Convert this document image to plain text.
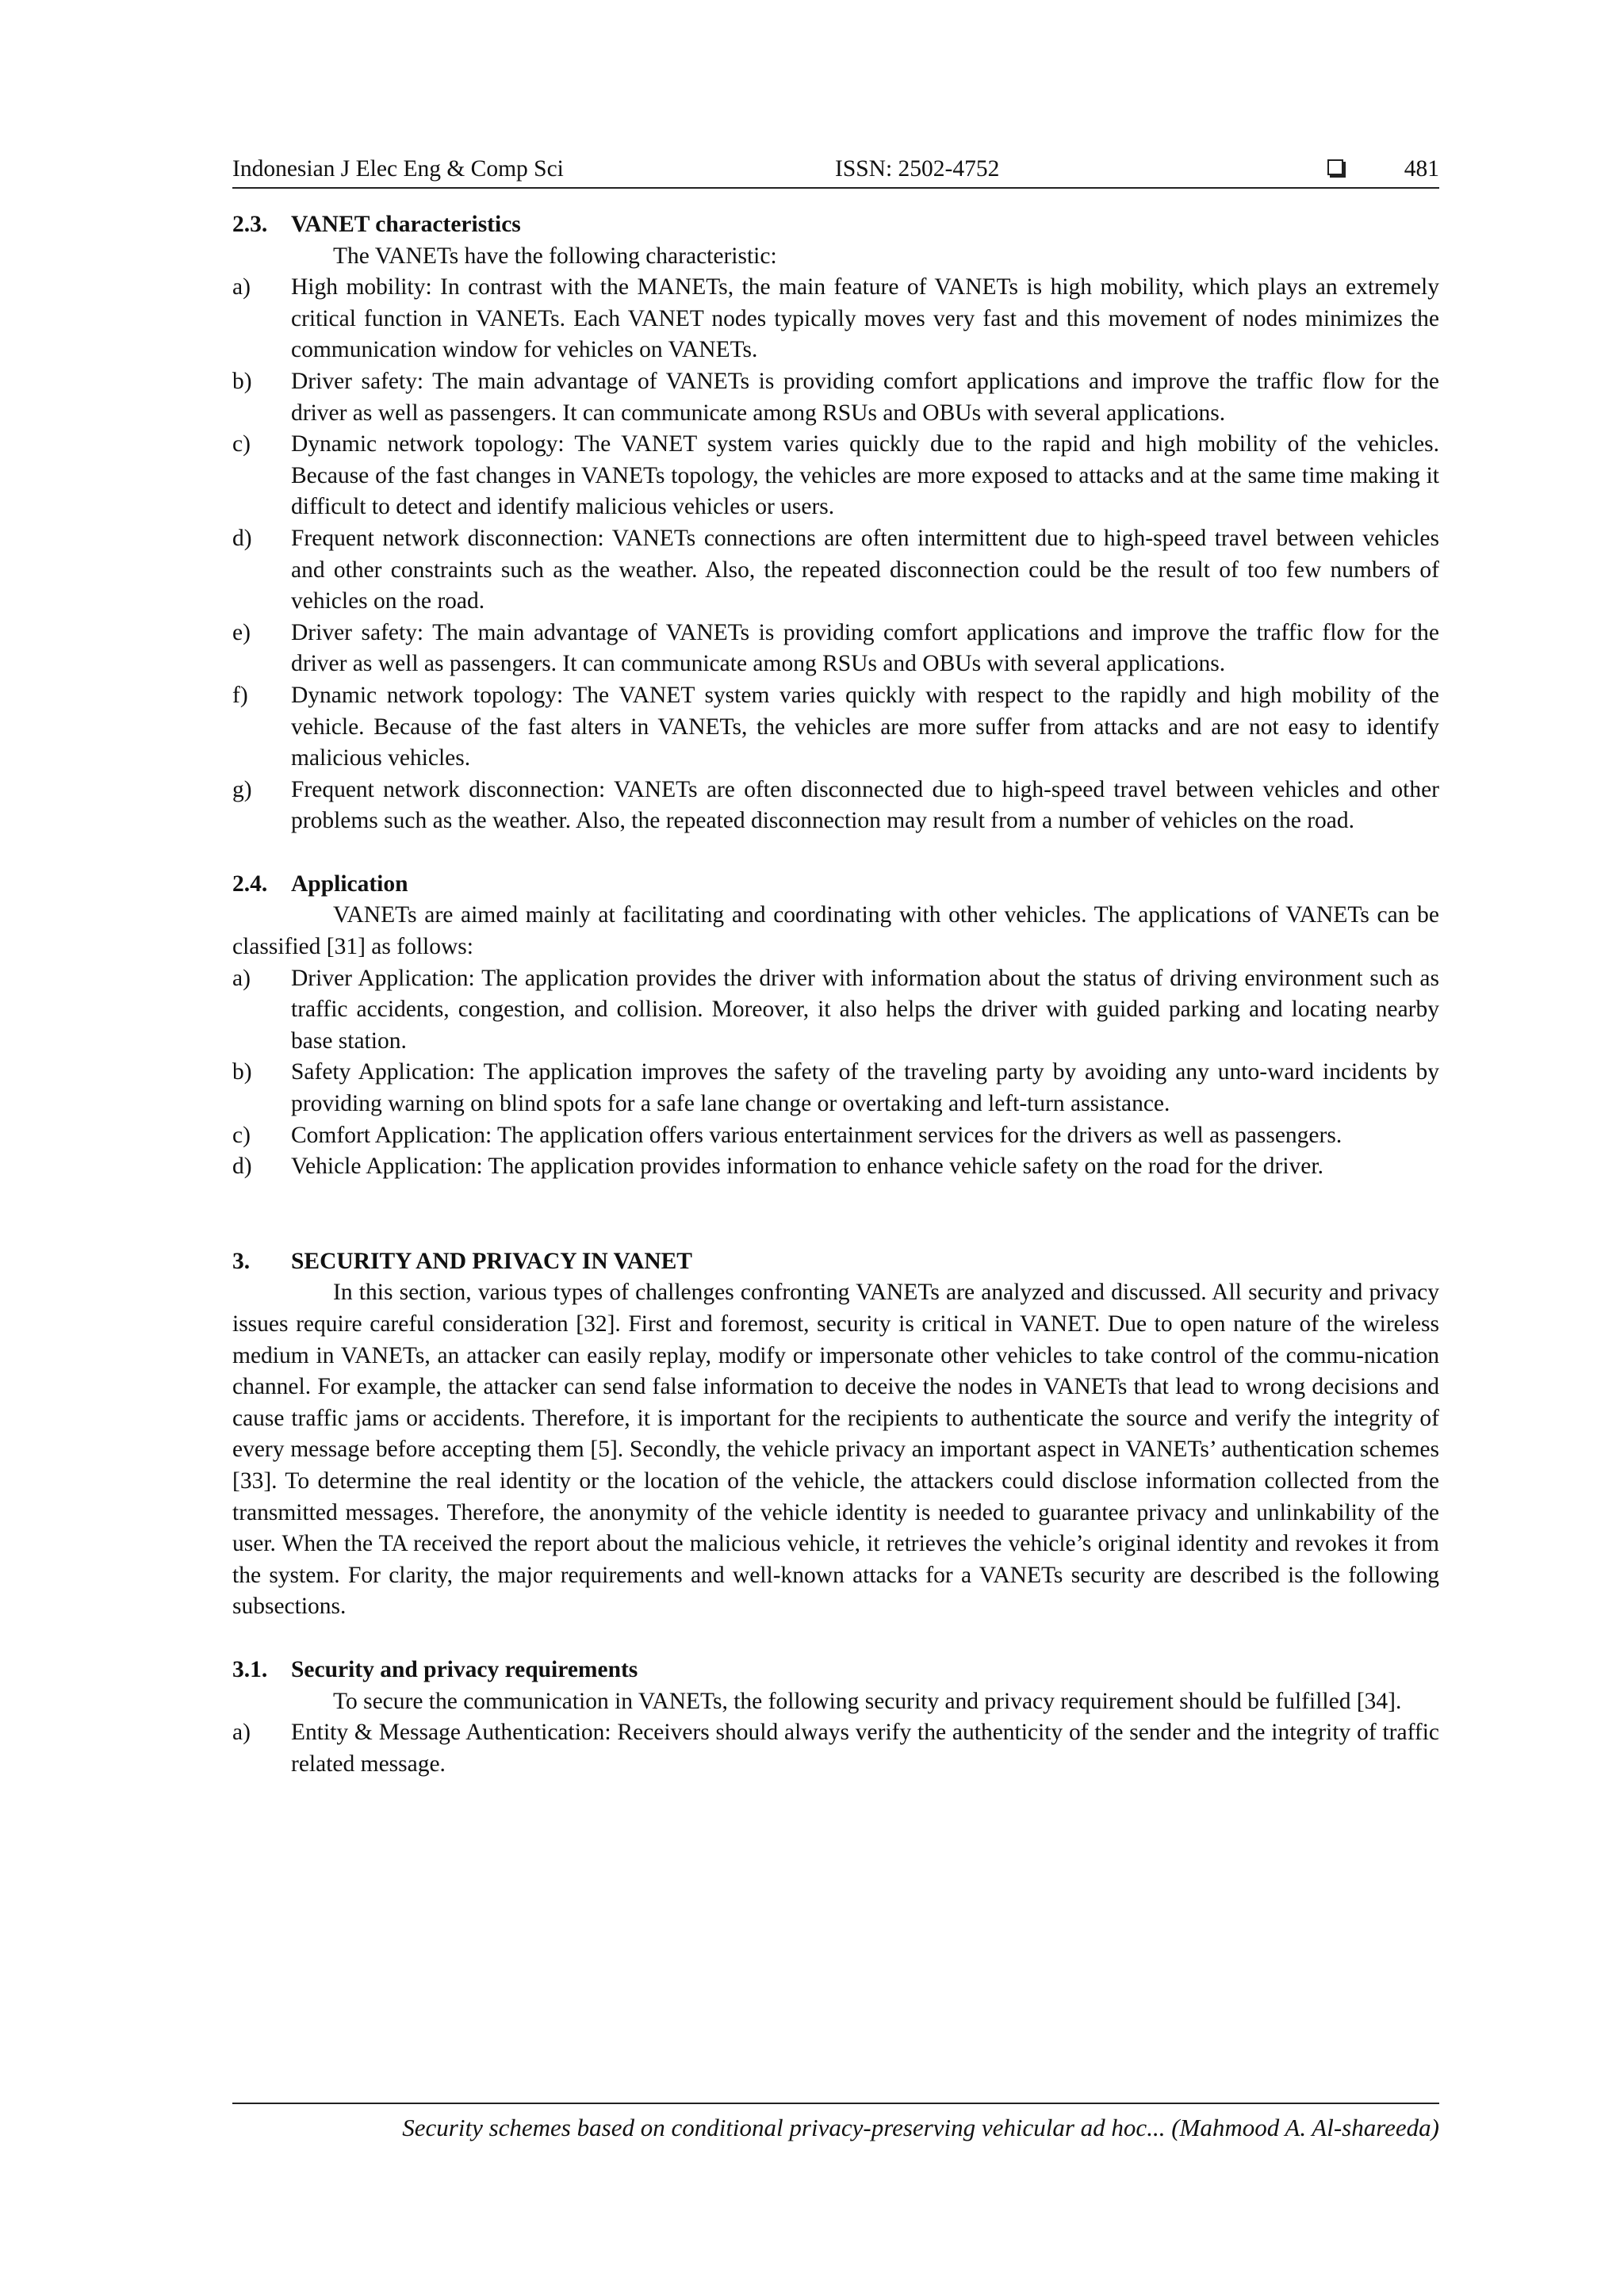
Indonesian J Elec Eng & Comp Sci	ISSN: 2502-4752	481
2.3. VANET characteristics

The VANETs have the following characteristic:

a) High mobility: In contrast with the MANETs, the main feature of VANETs is high mobility, which plays an extremely critical function in VANETs. Each VANET nodes typically moves very fast and this movement of nodes minimizes the communication window for vehicles on VANETs.
b) Driver safety: The main advantage of VANETs is providing comfort applications and improve the traffic flow for the driver as well as passengers. It can communicate among RSUs and OBUs with several applications.
c) Dynamic network topology: The VANET system varies quickly due to the rapid and high mobility of the vehicles. Because of the fast changes in VANETs topology, the vehicles are more exposed to attacks and at the same time making it difficult to detect and identify malicious vehicles or users.
d) Frequent network disconnection: VANETs connections are often intermittent due to high-speed travel between vehicles and other constraints such as the weather. Also, the repeated disconnection could be the result of too few numbers of vehicles on the road.
e) Driver safety: The main advantage of VANETs is providing comfort applications and improve the traffic flow for the driver as well as passengers. It can communicate among RSUs and OBUs with several applications.
f) Dynamic network topology: The VANET system varies quickly with respect to the rapidly and high mobility of the vehicle. Because of the fast alters in VANETs, the vehicles are more suffer from attacks and are not easy to identify malicious vehicles.
g) Frequent network disconnection: VANETs are often disconnected due to high-speed travel between vehicles and other problems such as the weather. Also, the repeated disconnection may result from a number of vehicles on the road.
2.4. Application

VANETs are aimed mainly at facilitating and coordinating with other vehicles. The applications of VANETs can be classified [31] as follows:

a) Driver Application: The application provides the driver with information about the status of driving environment such as traffic accidents, congestion, and collision. Moreover, it also helps the driver with guided parking and locating nearby base station.
b) Safety Application: The application improves the safety of the traveling party by avoiding any unto-ward incidents by providing warning on blind spots for a safe lane change or overtaking and left-turn assistance.
c) Comfort Application: The application offers various entertainment services for the drivers as well as passengers.
d) Vehicle Application: The application provides information to enhance vehicle safety on the road for the driver.
3. SECURITY AND PRIVACY IN VANET

In this section, various types of challenges confronting VANETs are analyzed and discussed. All security and privacy issues require careful consideration [32]. First and foremost, security is critical in VANET. Due to open nature of the wireless medium in VANETs, an attacker can easily replay, modify or impersonate other vehicles to take control of the commu-nication channel. For example, the attacker can send false information to deceive the nodes in VANETs that lead to wrong decisions and cause traffic jams or accidents. Therefore, it is important for the recipients to authenticate the source and verify the integrity of every message before accepting them [5]. Secondly, the vehicle privacy an important aspect in VANETs’ authentication schemes [33]. To determine the real identity or the location of the vehicle, the attackers could disclose information collected from the transmitted messages. Therefore, the anonymity of the vehicle identity is needed to guarantee privacy and unlinkability of the user. When the TA received the report about the malicious vehicle, it retrieves the vehicle’s original identity and revokes it from the system. For clarity, the major requirements and well-known attacks for a VANETs security are described is the following subsections.

3.1. Security and privacy requirements

To secure the communication in VANETs, the following security and privacy requirement should be fulfilled [34].

a) Entity & Message Authentication: Receivers should always verify the authenticity of the sender and the integrity of traffic related message.
Security schemes based on conditional privacy-preserving vehicular ad hoc... (Mahmood A. Al-shareeda)
